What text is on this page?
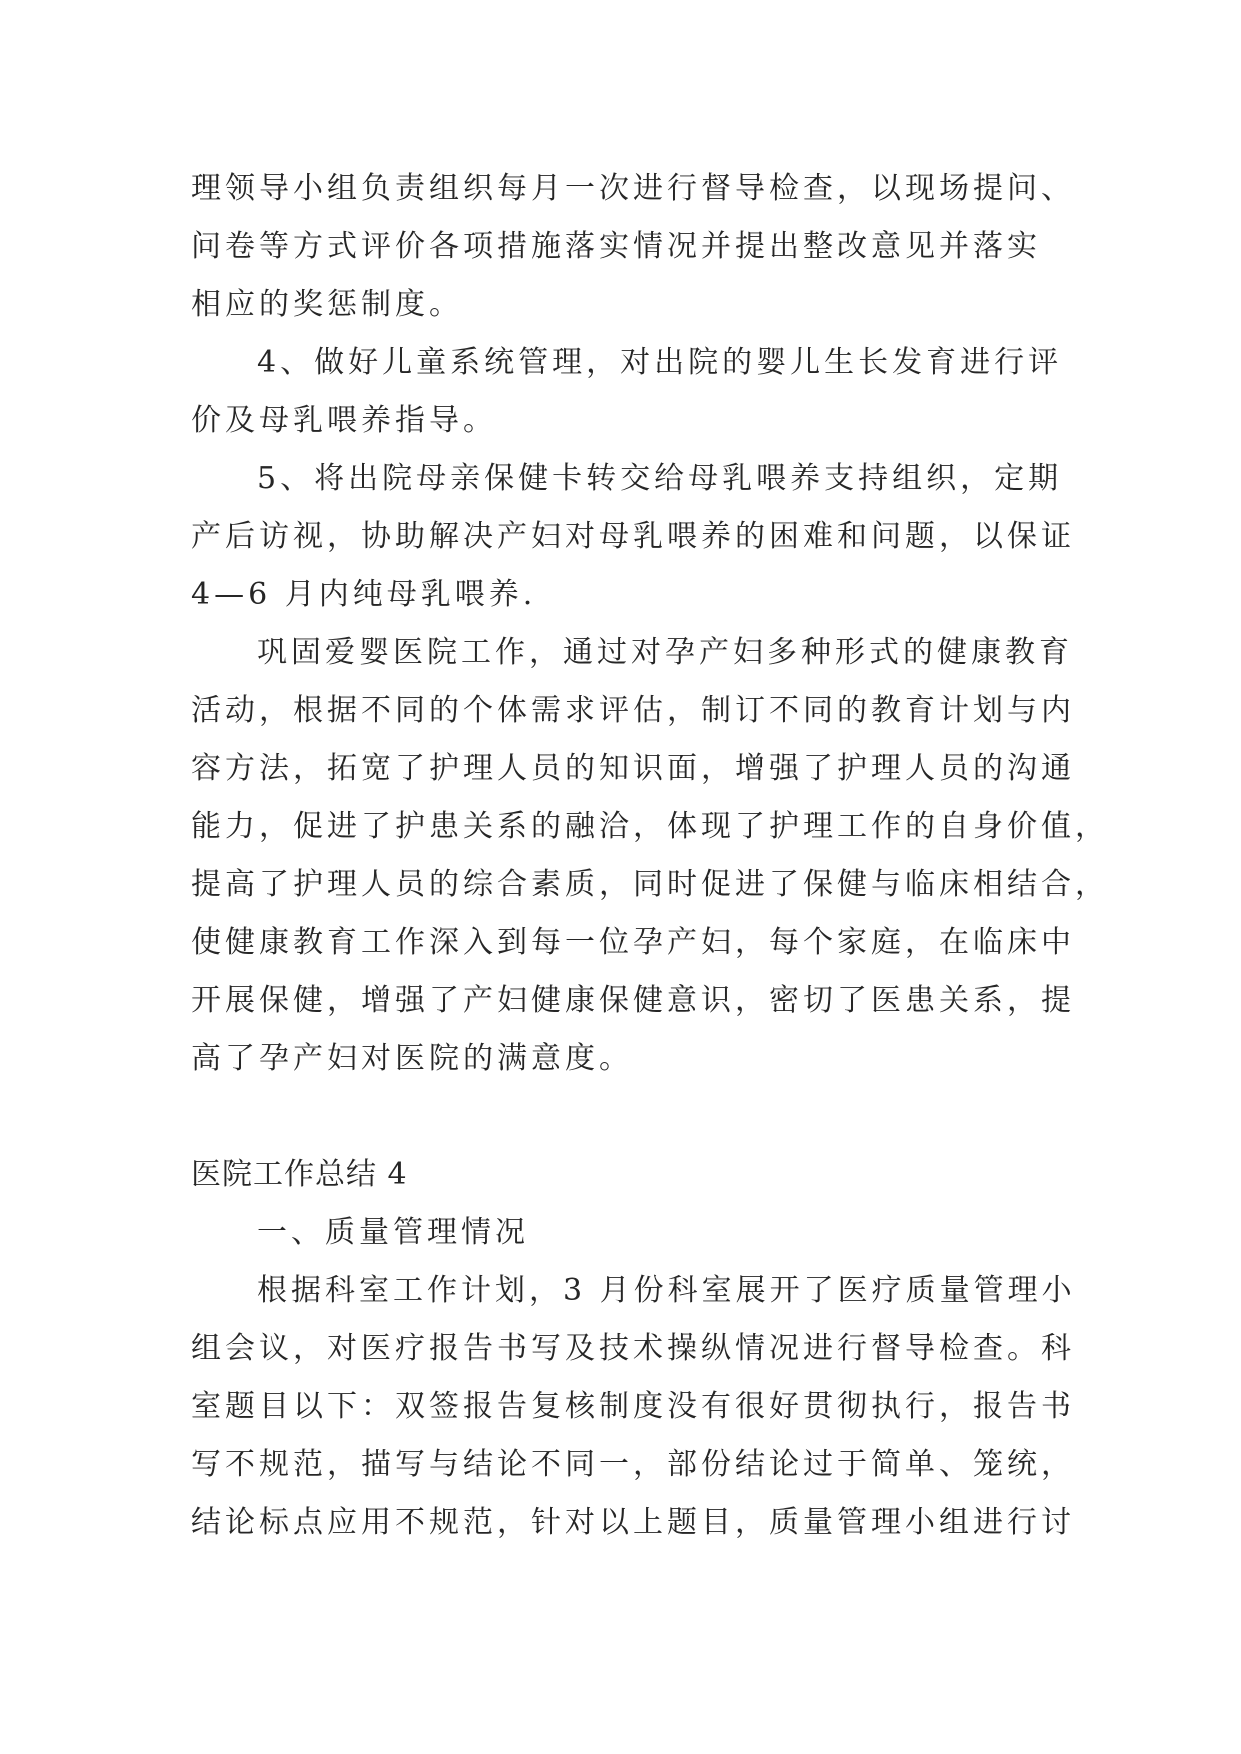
理领导小组负责组织每月一次进行督导检查，以现场提问、
问卷等方式评价各项措施落实情况并提出整改意见并落实
相应的奖惩制度。
4、做好儿童系统管理，对出院的婴儿生长发育进行评
价及母乳喂养指导。
5、将出院母亲保健卡转交给母乳喂养支持组织，定期
产后访视，协助解决产妇对母乳喂养的困难和问题，以保证
4—6 月内纯母乳喂养.
巩固爱婴医院工作，通过对孕产妇多种形式的健康教育
活动，根据不同的个体需求评估，制订不同的教育计划与内
容方法，拓宽了护理人员的知识面，增强了护理人员的沟通
能力，促进了护患关系的融洽，体现了护理工作的自身价值，
提高了护理人员的综合素质，同时促进了保健与临床相结合，
使健康教育工作深入到每一位孕产妇，每个家庭，在临床中
开展保健，增强了产妇健康保健意识，密切了医患关系，提
高了孕产妇对医院的满意度。
医院工作总结 4
一、质量管理情况
根据科室工作计划，3 月份科室展开了医疗质量管理小
组会议，对医疗报告书写及技术操纵情况进行督导检查。科
室题目以下：双签报告复核制度没有很好贯彻执行，报告书
写不规范，描写与结论不同一，部份结论过于简单、笼统，
结论标点应用不规范，针对以上题目，质量管理小组进行讨
